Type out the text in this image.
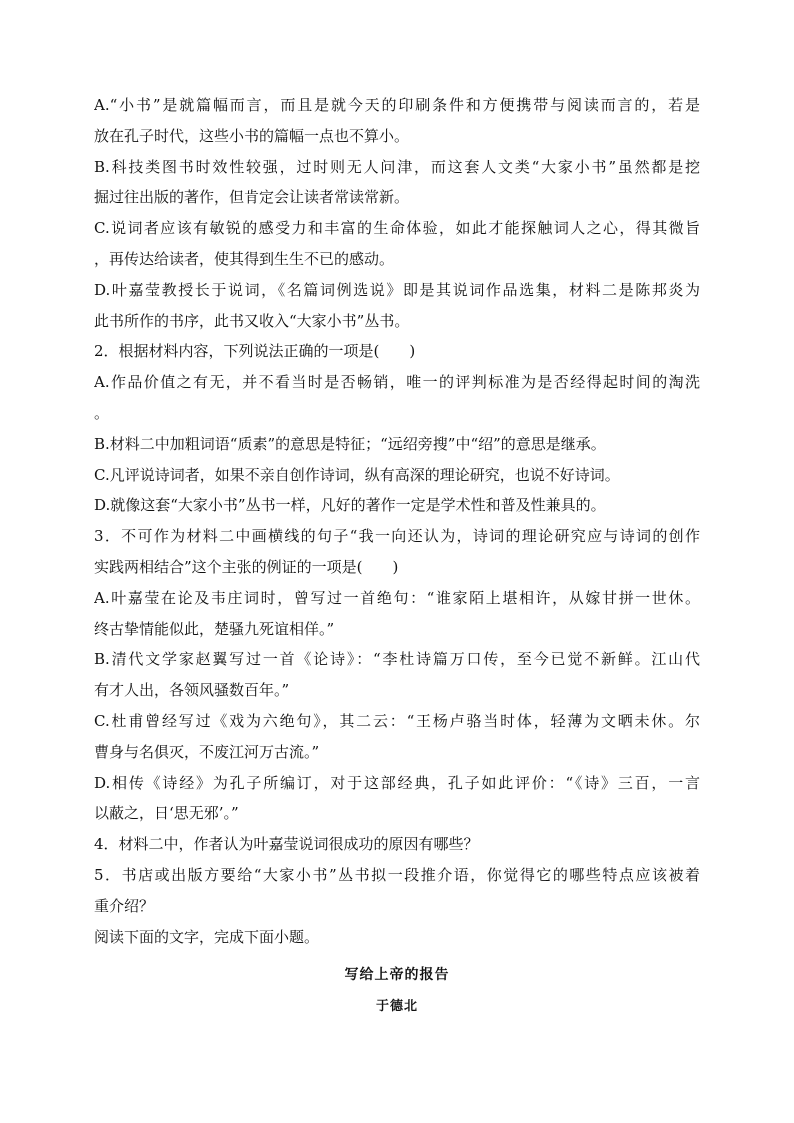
A.“小书”是就篇幅而言，而且是就今天的印刷条件和方便携带与阅读而言的，若是
放在孔子时代，这些小书的篇幅一点也不算小。
B.科技类图书时效性较强，过时则无人问津，而这套人文类“大家小书”虽然都是挖
掘过往出版的著作，但肯定会让读者常读常新。
C.说词者应该有敏锐的感受力和丰富的生命体验，如此才能探触词人之心，得其微旨
，再传达给读者，使其得到生生不已的感动。
D.叶嘉莹教授长于说词，《名篇词例选说》即是其说词作品选集，材料二是陈邦炎为
此书所作的书序，此书又收入“大家小书”丛书。
2．根据材料内容，下列说法正确的一项是(　　)
A.作品价值之有无，并不看当时是否畅销，唯一的评判标准为是否经得起时间的淘洗
。
B.材料二中加粗词语“质素”的意思是特征；“远绍旁搜”中“绍”的意思是继承。
C.凡评说诗词者，如果不亲自创作诗词，纵有高深的理论研究，也说不好诗词。
D.就像这套“大家小书”丛书一样，凡好的著作一定是学术性和普及性兼具的。
3．不可作为材料二中画横线的句子“我一向还认为，诗词的理论研究应与诗词的创作
实践两相结合”这个主张的例证的一项是(　　)
A.叶嘉莹在论及韦庄词时，曾写过一首绝句：“谁家陌上堪相许，从嫁甘拼一世休。
终古挚情能似此，楚骚九死谊相佯。”
B.清代文学家赵翼写过一首《论诗》：“李杜诗篇万口传，至今已觉不新鲜。江山代
有才人出，各领风骚数百年。”
C.杜甫曾经写过《戏为六绝句》，其二云：“王杨卢骆当时体，轻薄为文晒未休。尔
曹身与名俱灭，不废江河万古流。”
D.相传《诗经》为孔子所编订，对于这部经典，孔子如此评价：“《诗》三百，一言
以蔽之，日‘思无邪’。”
4．材料二中，作者认为叶嘉莹说词很成功的原因有哪些？
5．书店或出版方要给“大家小书”丛书拟一段推介语，你觉得它的哪些特点应该被着
重介绍？
阅读下面的文字，完成下面小题。
写给上帝的报告
于德北
